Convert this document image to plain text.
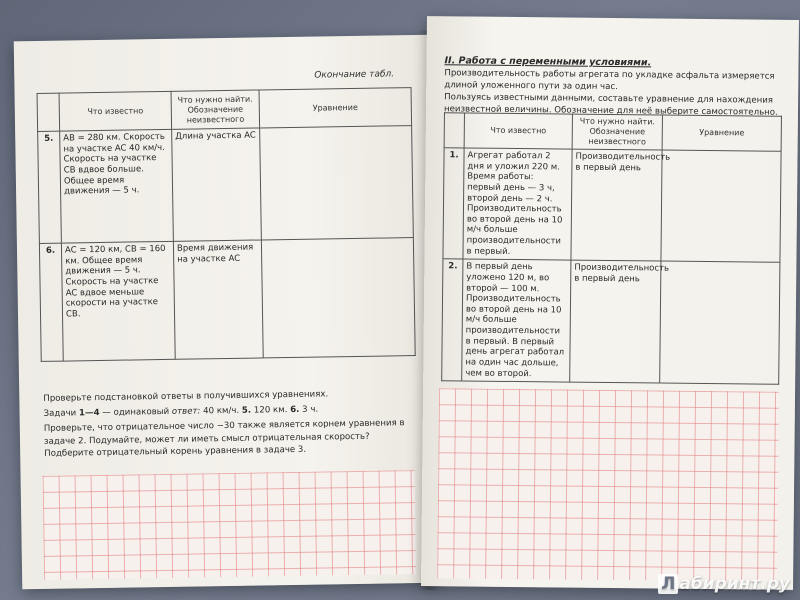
Окончание табл.
	Что известно	Что нужно найти. Обозначение неизвестного	Уравнение
5.	AB = 280 км. Скорость на участке AC 40 км/ч. Скорость на участке CB вдвое больше. Общее время движения — 5 ч.	Длина участка AC	
6.	AC = 120 км, CB = 160 км. Общее время движения — 5 ч. Скорость на участке AC вдвое меньше скорости на участке CB.	Время движения на участке AC	

Проверьте подстановкой ответы в получившихся уравнениях.

Задачи 1—4 — одинаковый ответ: 40 км/ч. 5. 120 км. 6. 3 ч.

Проверьте, что отрицательное число −30 также является корнем уравнения в задаче 2. Подумайте, может ли иметь смысл отрицательная скорость? Подберите отрицательный корень уравнения в задаче 3.

II. Работа с переменными условиями.

Производительность работы агрегата по укладке асфальта измеряется длиной уложенного пути за один час.

Пользуясь известными данными, составьте уравнение для нахождения неизвестной величины. Обозначение для неё выберите самостоятельно.

	Что известно	Что нужно найти. Обозначение неизвестного	Уравнение
1.	Агрегат работал 2 дня и уложил 220 м. Время работы: первый день — 3 ч, второй день — 2 ч. Производительность во второй день на 10 м/ч больше производительности в первый.	Производительность в первый день	
2.	В первый день уложено 120 м, во второй — 100 м. Производительность во второй день на 10 м/ч больше производительности в первый. В первый день агрегат работал на один час дольше, чем во второй.	Производительность в первый день	
Л абиринт.ру
